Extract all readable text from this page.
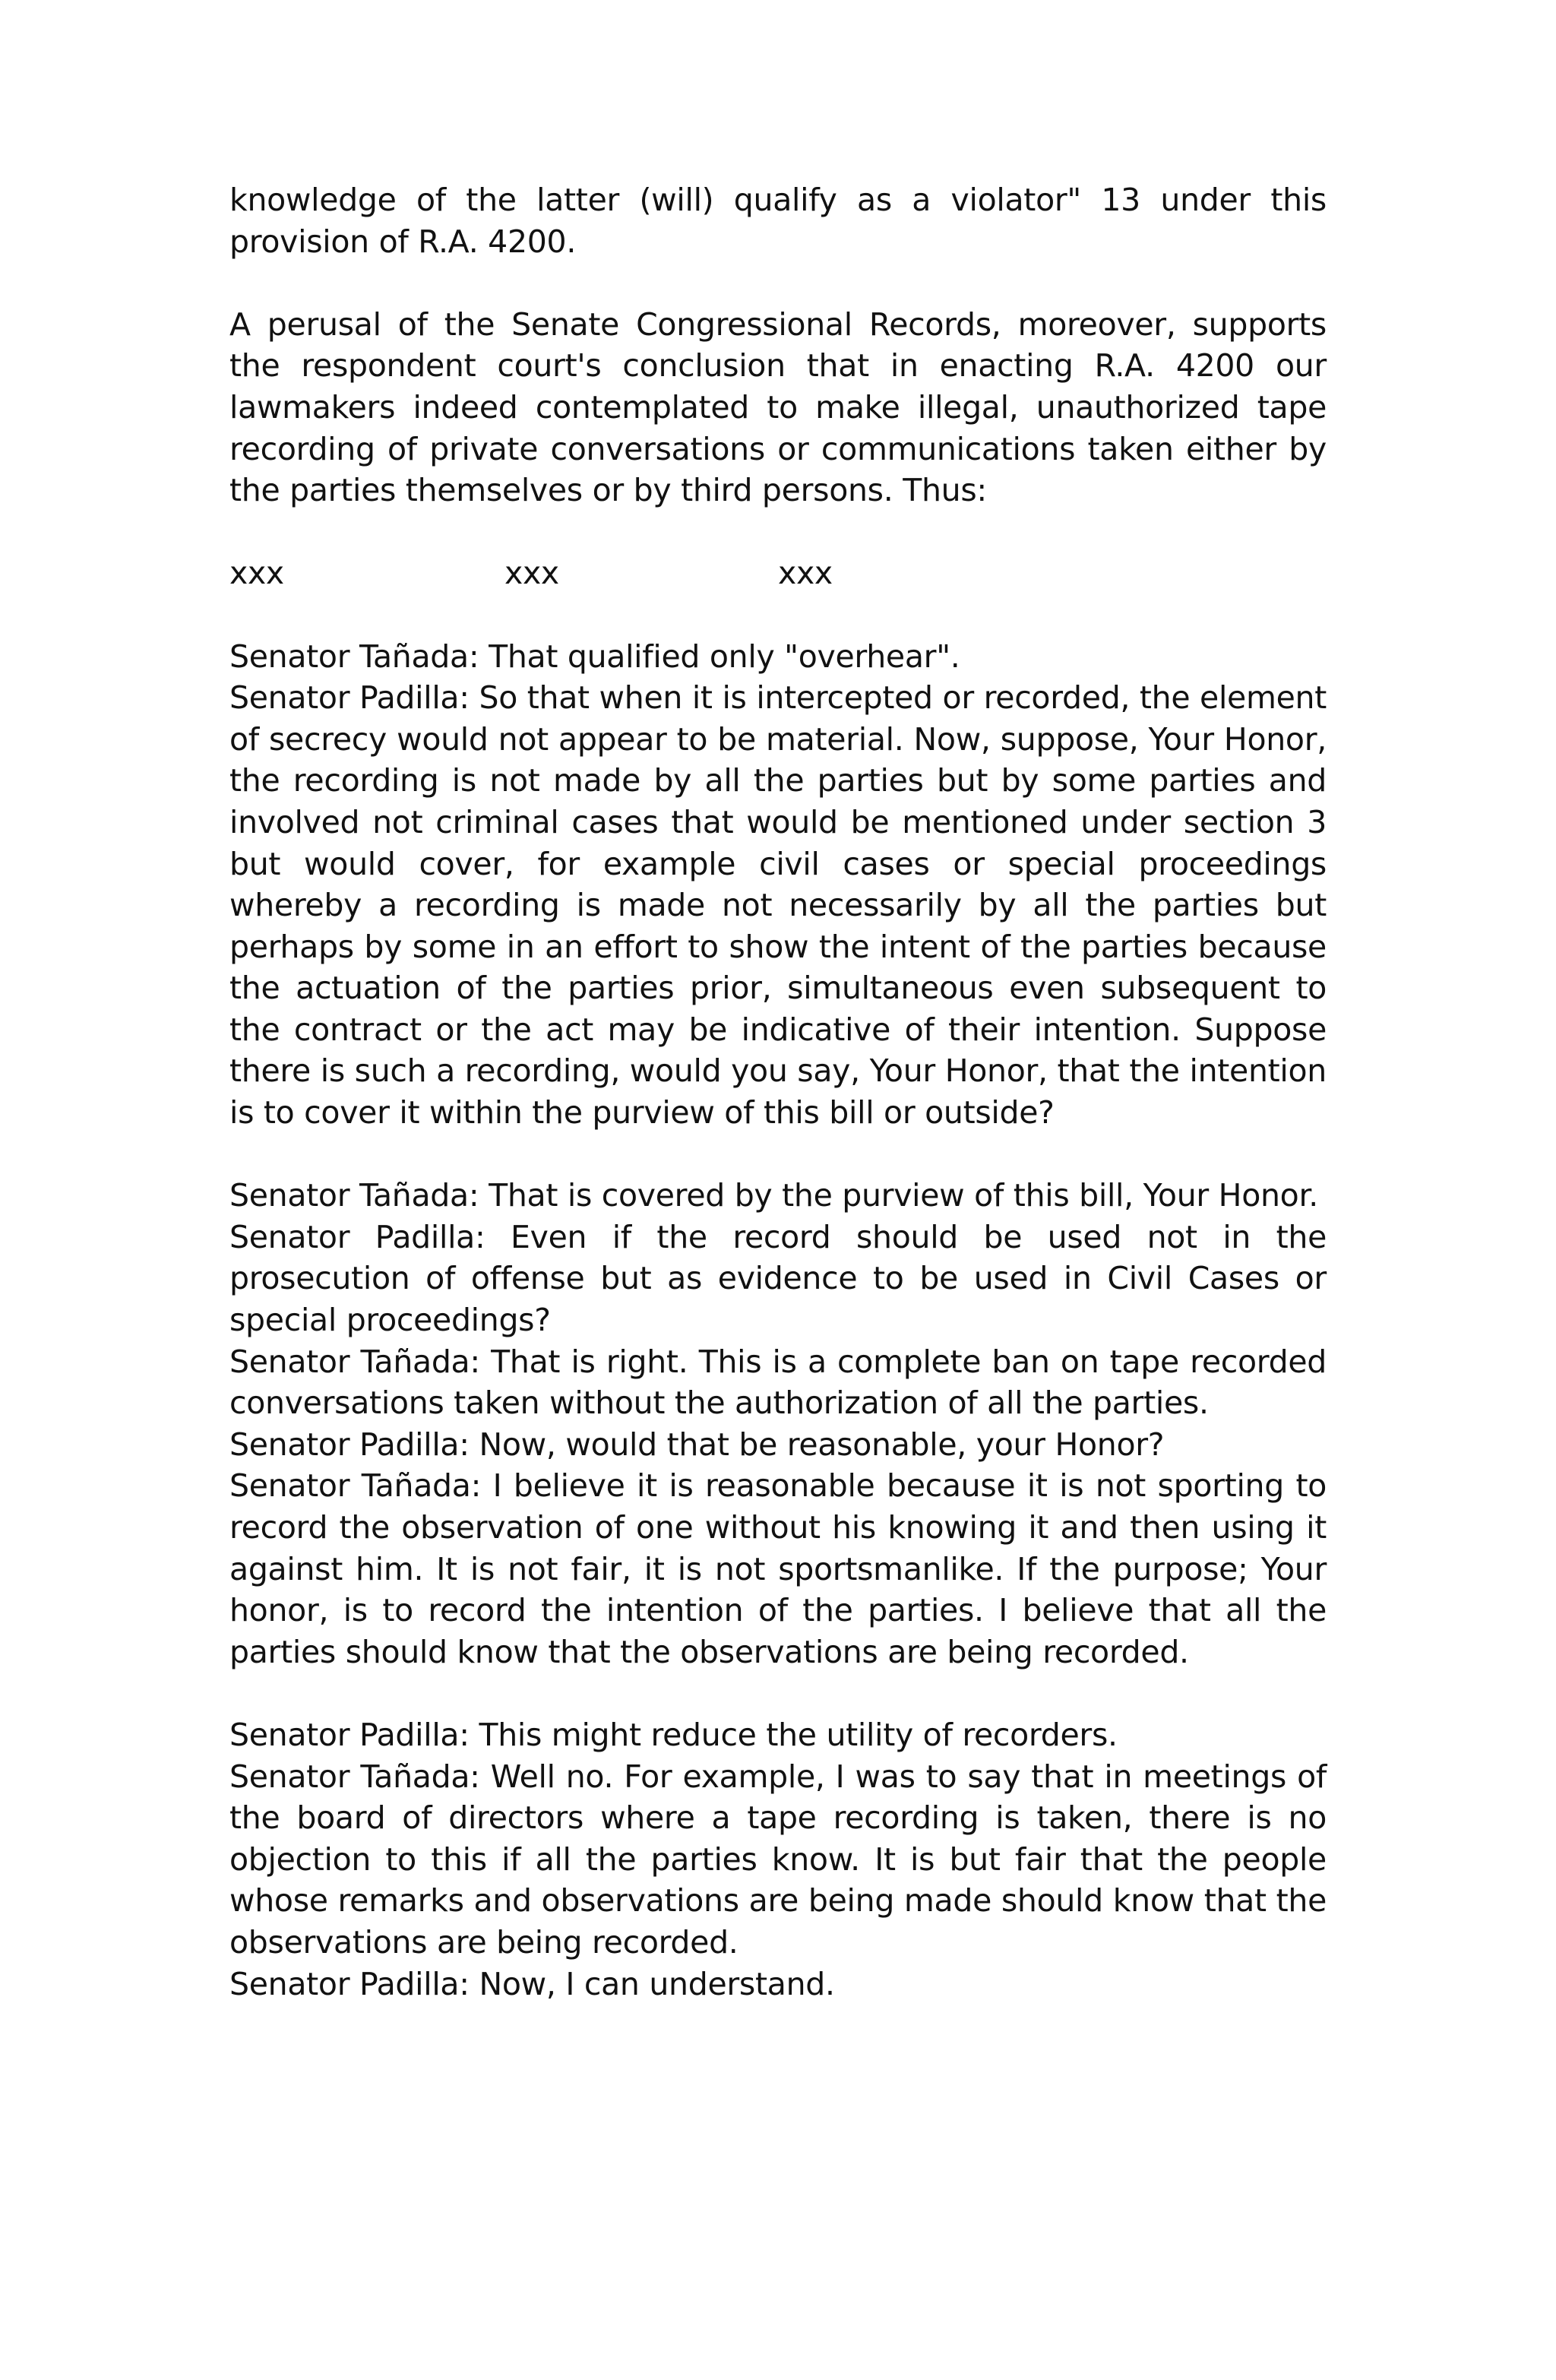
knowledge of the latter (will) qualify as a violator" 13 under this provision of R.A. 4200.

A perusal of the Senate Congressional Records, moreover, supports the respondent court's conclusion that in enacting R.A. 4200 our lawmakers indeed contemplated to make illegal, unauthorized tape recording of private conversations or communications taken either by the parties themselves or by third persons. Thus:

xxx	xxx	xxx

Senator Tañada: That qualified only "overhear".

Senator Padilla: So that when it is intercepted or recorded, the element of secrecy would not appear to be material. Now, suppose, Your Honor, the recording is not made by all the parties but by some parties and involved not criminal cases that would be mentioned under section 3 but would cover, for example civil cases or special proceedings whereby a recording is made not necessarily by all the parties but perhaps by some in an effort to show the intent of the parties because the actuation of the parties prior, simultaneous even subsequent to the contract or the act may be indicative of their intention. Suppose there is such a recording, would you say, Your Honor, that the intention is to cover it within the purview of this bill or outside?

Senator Tañada: That is covered by the purview of this bill, Your Honor.

Senator Padilla: Even if the record should be used not in the prosecution of offense but as evidence to be used in Civil Cases or special proceedings?

Senator Tañada: That is right. This is a complete ban on tape recorded conversations taken without the authorization of all the parties.

Senator Padilla: Now, would that be reasonable, your Honor?

Senator Tañada: I believe it is reasonable because it is not sporting to record the observation of one without his knowing it and then using it against him. It is not fair, it is not sportsmanlike. If the purpose; Your honor, is to record the intention of the parties. I believe that all the parties should know that the observations are being recorded.

Senator Padilla: This might reduce the utility of recorders.

Senator Tañada: Well no. For example, I was to say that in meetings of the board of directors where a tape recording is taken, there is no objection to this if all the parties know. It is but fair that the people whose remarks and observations are being made should know that the observations are being recorded.

Senator Padilla: Now, I can understand.
